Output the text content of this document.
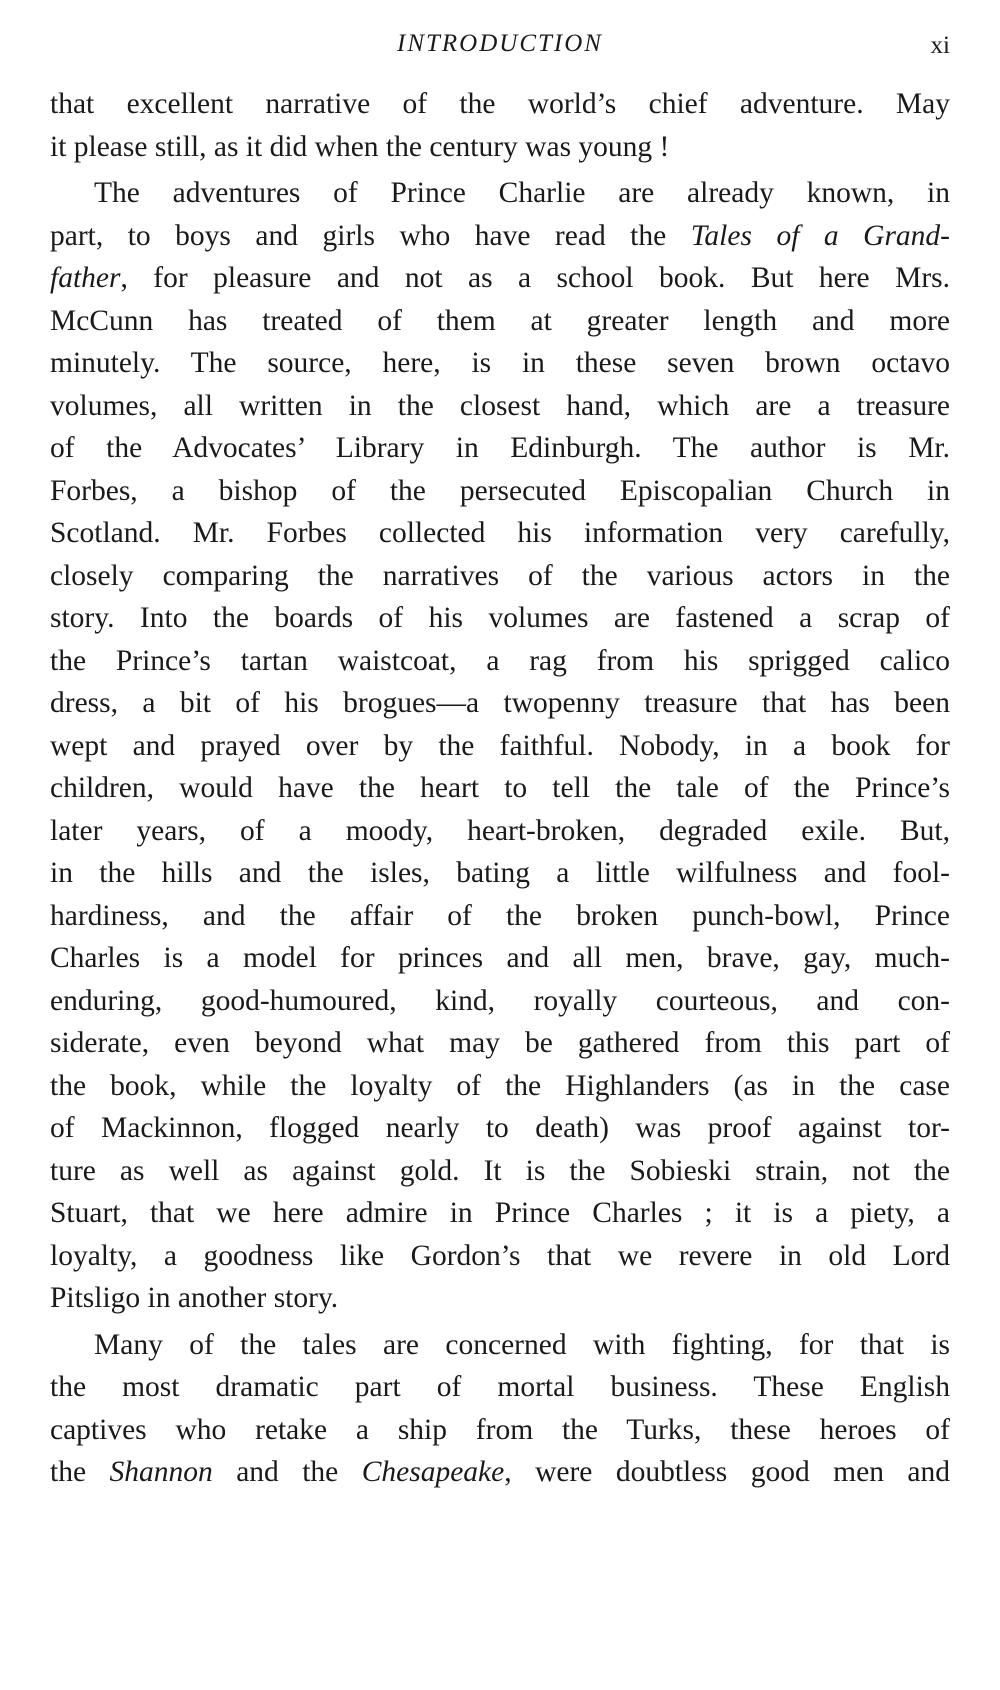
INTRODUCTION	xi
that excellent narrative of the world’s chief adventure. May
it please still, as it did when the century was young !
The adventures of Prince Charlie are already known, in
part, to boys and girls who have read the Tales of a Grand-
father, for pleasure and not as a school book. But here Mrs.
McCunn has treated of them at greater length and more
minutely. The source, here, is in these seven brown octavo
volumes, all written in the closest hand, which are a treasure
of the Advocates’ Library in Edinburgh. The author is Mr.
Forbes, a bishop of the persecuted Episcopalian Church in
Scotland. Mr. Forbes collected his information very carefully,
closely comparing the narratives of the various actors in the
story. Into the boards of his volumes are fastened a scrap of
the Prince’s tartan waistcoat, a rag from his sprigged calico
dress, a bit of his brogues—a twopenny treasure that has been
wept and prayed over by the faithful. Nobody, in a book for
children, would have the heart to tell the tale of the Prince’s
later years, of a moody, heart-broken, degraded exile. But,
in the hills and the isles, bating a little wilfulness and fool-
hardiness, and the affair of the broken punch-bowl, Prince
Charles is a model for princes and all men, brave, gay, much-
enduring, good-humoured, kind, royally courteous, and con-
siderate, even beyond what may be gathered from this part of
the book, while the loyalty of the Highlanders (as in the case
of Mackinnon, flogged nearly to death) was proof against tor-
ture as well as against gold. It is the Sobieski strain, not the
Stuart, that we here admire in Prince Charles ; it is a piety, a
loyalty, a goodness like Gordon’s that we revere in old Lord
Pitsligo in another story.
Many of the tales are concerned with fighting, for that is
the most dramatic part of mortal business. These English
captives who retake a ship from the Turks, these heroes of
the Shannon and the Chesapeake, were doubtless good men and
